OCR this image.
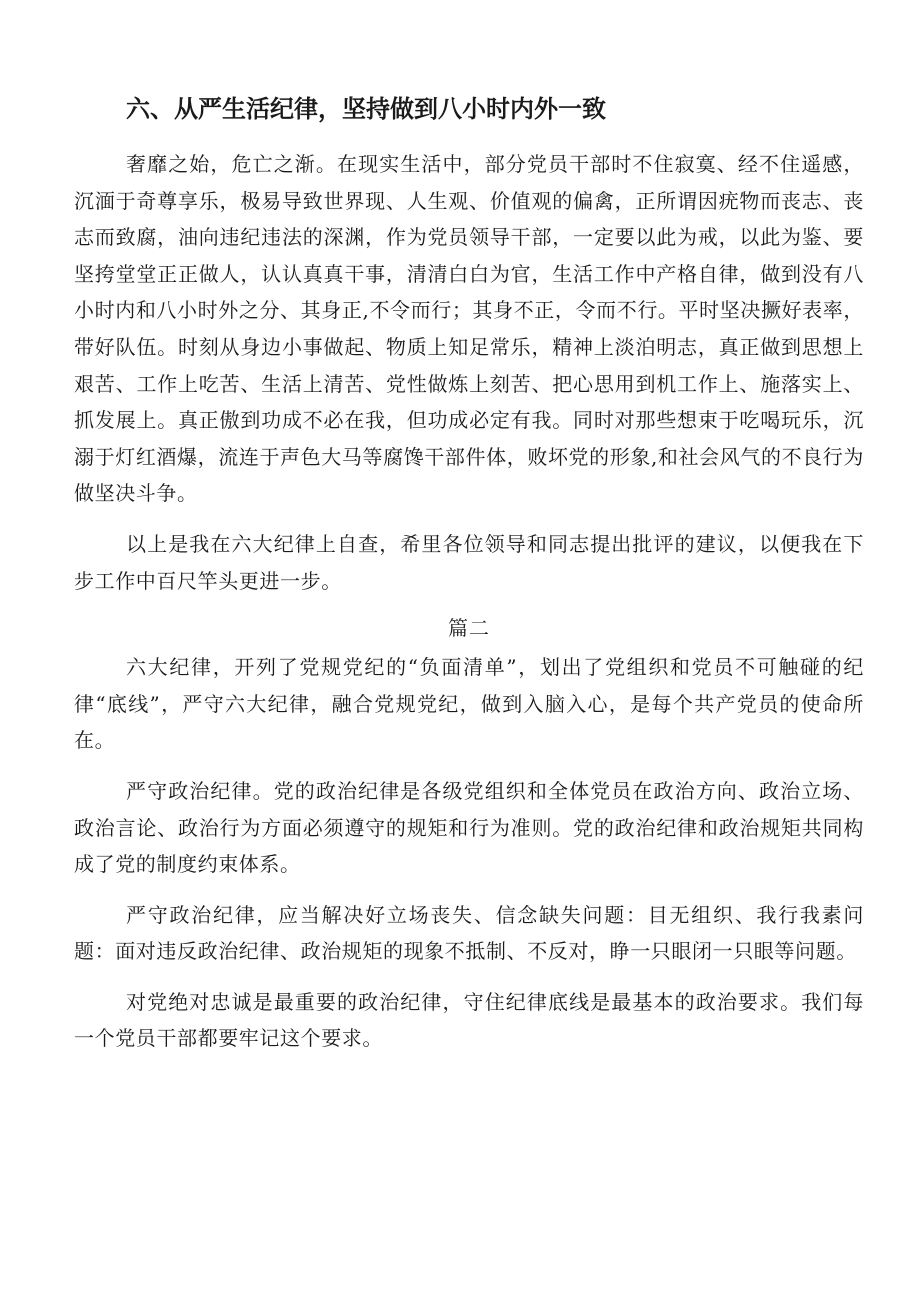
六、从严生活纪律，坚持做到八小时内外一致

奢靡之始，危亡之渐。在现实生活中，部分党员干部时不住寂寞、经不住遥感，沉湎于奇尊享乐，极易导致世界现、人生观、价值观的偏禽，正所谓因疣物而丧志、丧志而致腐，油向违纪违法的深渊，作为党员领导干部，一定要以此为戒，以此为鉴、要坚挎堂堂正正做人，认认真真干事，清清白白为官，生活工作中产格自律，做到没有八小时内和八小时外之分、其身正,不令而行；其身不正，令而不行。平时坚决撅好表率，带好队伍。时刻从身边小事做起、物质上知足常乐，精神上淡泊明志，真正做到思想上艰苦、工作上吃苦、生活上清苦、党性做炼上刻苦、把心思用到机工作上、施落实上、抓发展上。真正傲到功成不必在我，但功成必定有我。同时对那些想束于吃喝玩乐，沉溺于灯红酒爆，流连于声色大马等腐馋干部件体，败坏党的形象,和社会风气的不良行为做坚决斗争。

以上是我在六大纪律上自查，希里各位领导和同志提出批评的建议，以便我在下步工作中百尺竿头更进一步。

篇二

六大纪律，开列了党规党纪的“负面清单”，划出了党组织和党员不可触碰的纪律“底线”，严守六大纪律，融合党规党纪，做到入脑入心，是每个共产党员的使命所在。

严守政治纪律。党的政治纪律是各级党组织和全体党员在政治方向、政治立场、政治言论、政治行为方面必须遵守的规矩和行为准则。党的政治纪律和政治规矩共同构成了党的制度约束体系。

严守政治纪律，应当解决好立场丧失、信念缺失问题：目无组织、我行我素问题：面对违反政治纪律、政治规矩的现象不抵制、不反对，睁一只眼闭一只眼等问题。

对党绝对忠诚是最重要的政治纪律，守住纪律底线是最基本的政治要求。我们每一个党员干部都要牢记这个要求。
